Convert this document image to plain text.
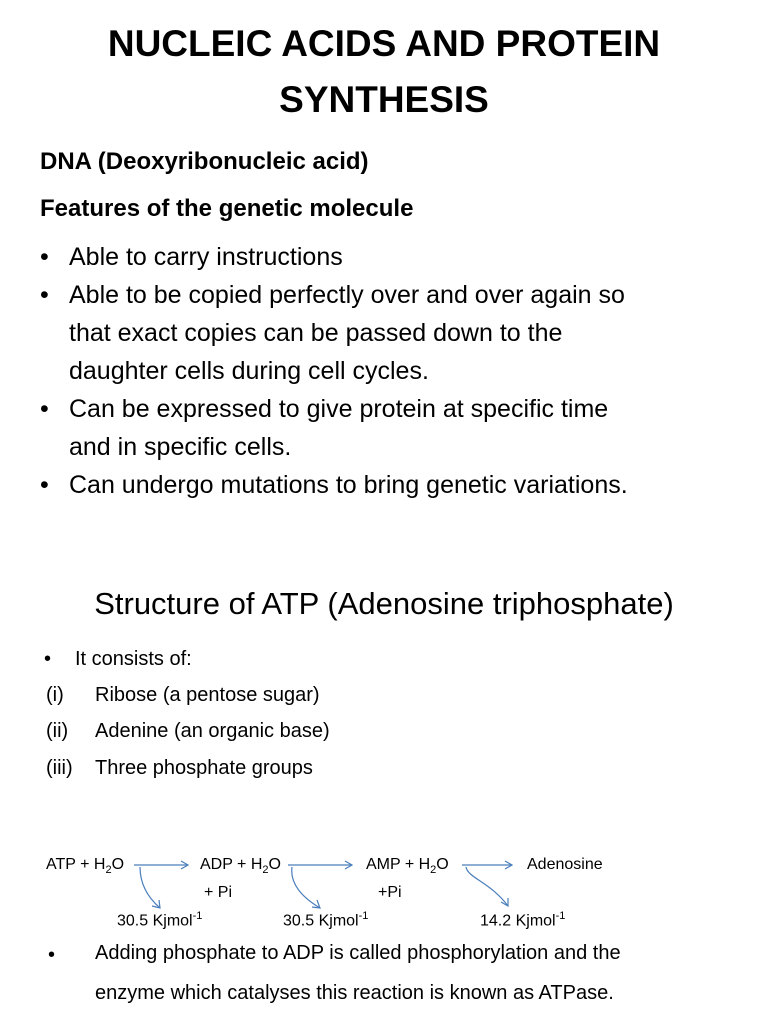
NUCLEIC ACIDS AND PROTEIN
SYNTHESIS
DNA (Deoxyribonucleic acid)
Features of the genetic molecule
• Able to carry instructions
• Able to be copied perfectly over and over again so
that exact copies can be passed down to the
daughter cells during cell cycles.
• Can be expressed to give protein at specific time
and in specific cells.
• Can undergo mutations to bring genetic variations.
Structure of ATP (Adenosine triphosphate)
• It consists of:
(i) Ribose (a pentose sugar)
(ii) Adenine (an organic base)
(iii) Three phosphate groups
ATP + $H_2O$	ADP + $H_2O$	AMP + $H_2O$	Adenosine
+ Pi	+Pi
30.5 Kjmol$^{-1}$	30.5 Kjmol$^{-1}$	14.2 Kjmol$^{-1}$
• Adding phosphate to ADP is called phosphorylation and the
enzyme which catalyses this reaction is known as ATPase.
